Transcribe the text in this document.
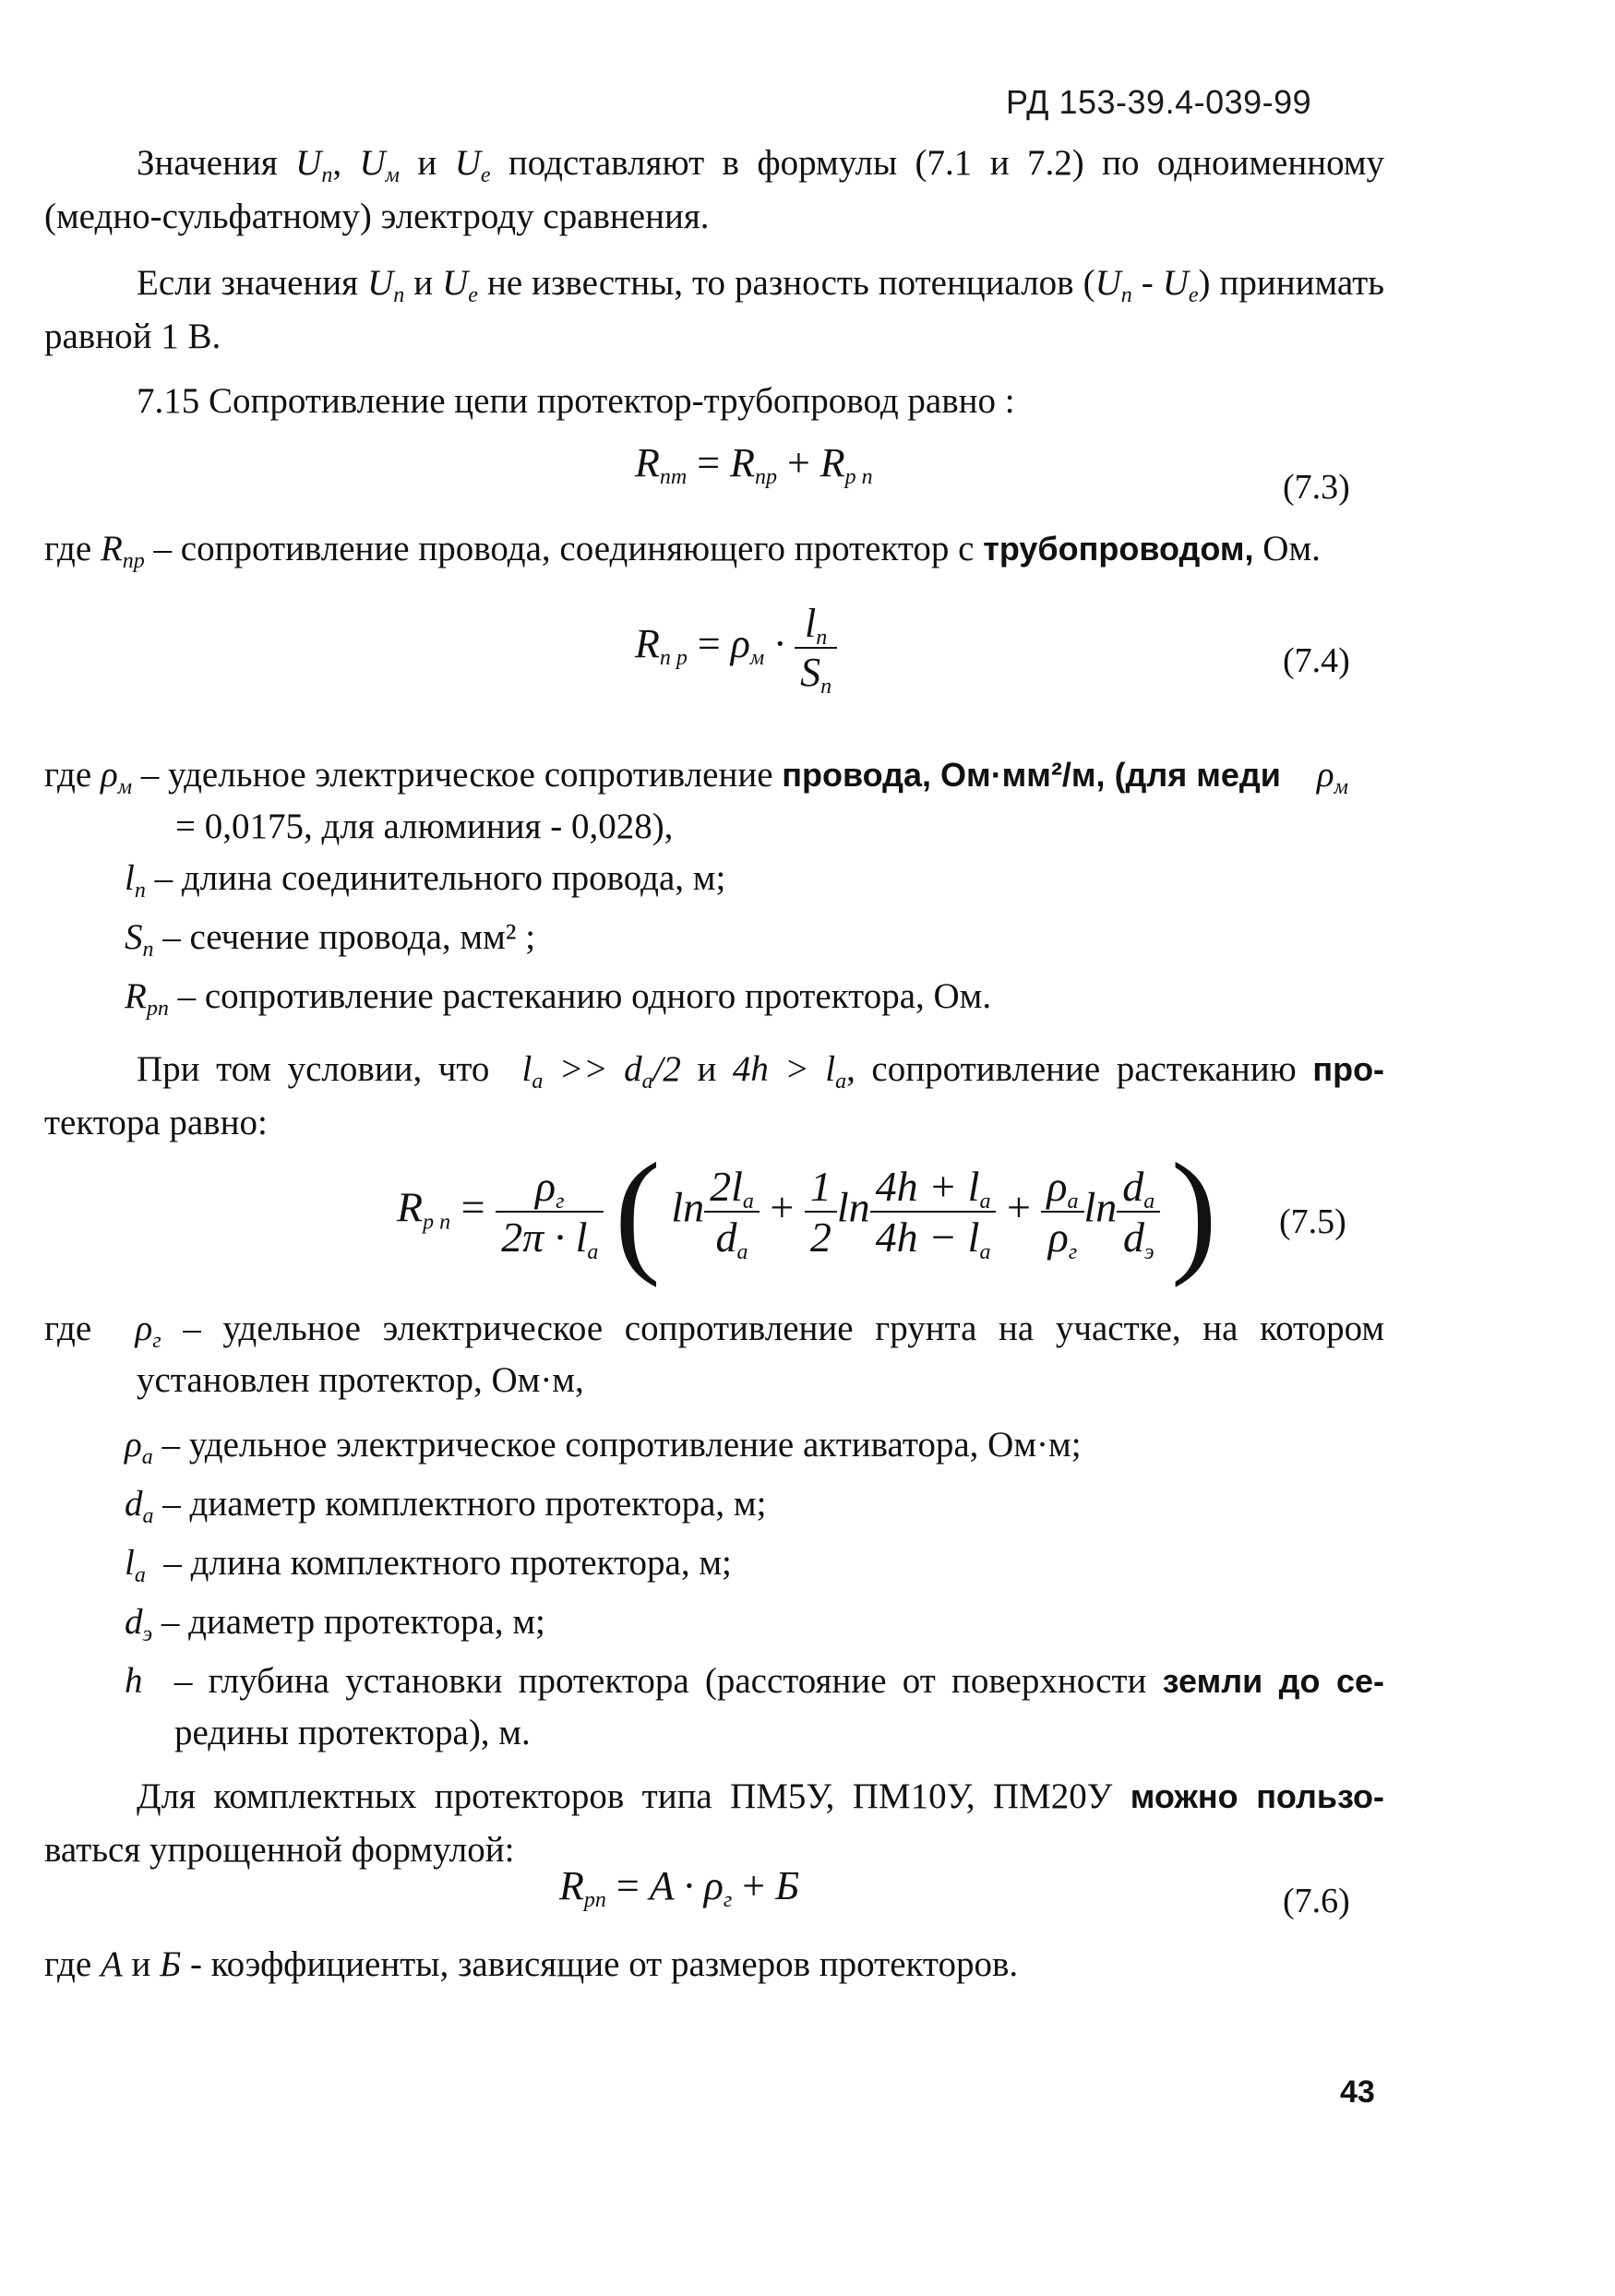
РД 153-39.4-039-99
Значения $U_п$, $U_м$ и $U_е$ подставляют в формулы (7.1 и 7.2) по одноименному (медно-сульфатному) электроду сравнения.
Если значения $U_п$ и $U_е$ не известны, то разность потенциалов $(U_п - U_е)$ принимать равной 1 В.
7.15 Сопротивление цепи протектор-трубопровод равно :
$R_{пт} = R_{пр} + R_{р п}$	(7.3)
где $R_{пр}$ – сопротивление провода, соединяющего протектор с трубопроводом, Ом.
$R_{п р} = \rho_м \cdot \frac{l_п}{S_п}$	(7.4)
где $\rho_м$ – удельное электрическое сопротивление провода, Ом·мм²/м, (для меди    $\rho_м$
= 0,0175, для алюминия - 0,028),
$l_п$ – длина соединительного провода, м;
$S_п$ – сечение провода, мм² ;
$R_{рп}$ – сопротивление растеканию одного протектора, Ом.
При том условии, что $l_а >> d_а/2$ и $4h > l_а$, сопротивление растеканию про- тектора равно:
$R_{р п} = \frac{\rho_г}{2\pi \cdot l_а}$ ( $\ln \frac{2l_а}{d_а} + \frac{1}{2}$ $\ln \frac{4h + l_а}{4h - l_а} + \frac{\rho_а}{\rho_г}$ $\ln \frac{d_а}{d_э}$ ) (7.5)
где $\rho_г$ – удельное электрическое сопротивление грунта на участке, на котором установлен протектор, Ом·м,
$\rho_а$ – удельное электрическое сопротивление активатора, Ом·м;
$d_а$ – диаметр комплектного протектора, м;
$l_а$ – длина комплектного протектора, м;
$d_э$ – диаметр протектора, м;
h – глубина установки протектора (расстояние от поверхности земли до се- редины протектора), м.
Для комплектных протекторов типа ПМ5У, ПМ10У, ПМ20У можно пользо- ваться упрощенной формулой:
$R_{рп} = A \cdot \rho_г + Б$	(7.6)
где А и Б - коэффициенты, зависящие от размеров протекторов.
43
